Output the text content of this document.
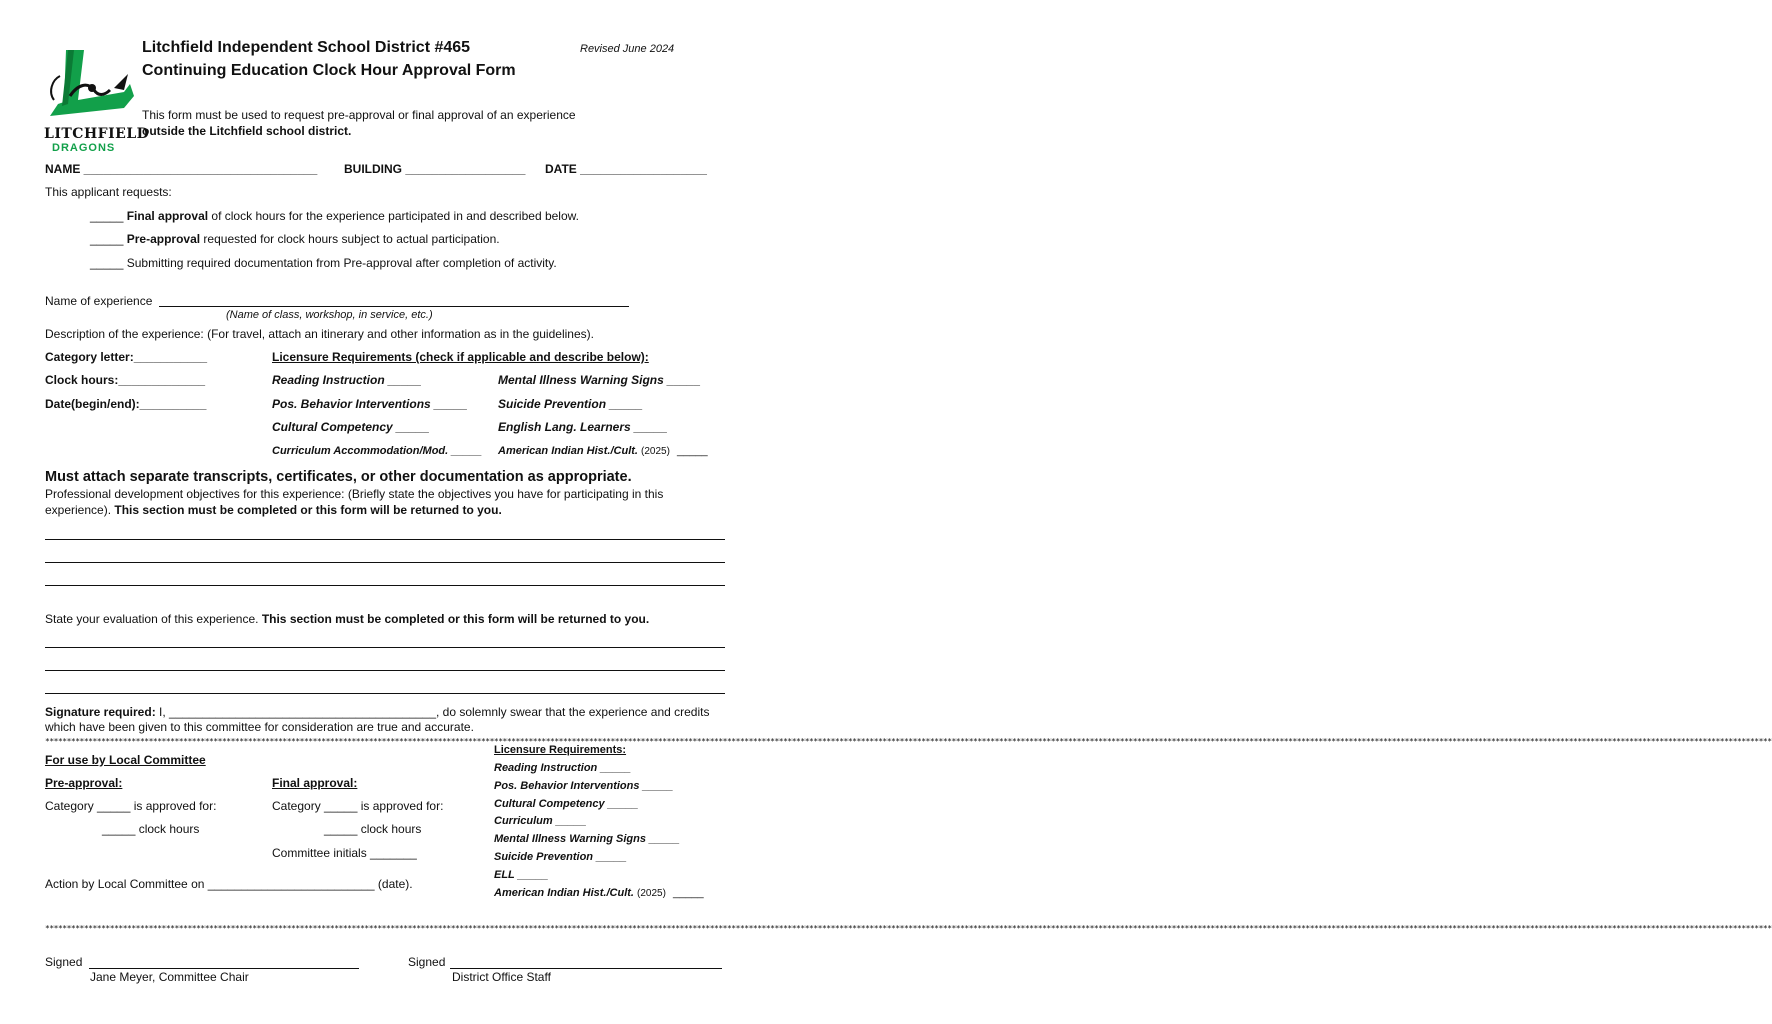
LITCHFIELD
DRAGONS
Litchfield Independent School District #465
Continuing Education Clock Hour Approval Form
Revised June 2024
This form must be used to request pre-approval or final approval of an experience
outside the Litchfield school district.
NAME ___________________________________ BUILDING __________________ DATE ___________________
This applicant requests:
_____ Final approval of clock hours for the experience participated in and described below.
_____ Pre-approval requested for clock hours subject to actual participation.
_____ Submitting required documentation from Pre-approval after completion of activity.
Name of experience
(Name of class, workshop, in service, etc.)
Description of the experience: (For travel, attach an itinerary and other information as in the guidelines).
Category letter:___________
Clock hours:_____________
Date(begin/end):__________
Licensure Requirements (check if applicable and describe below):
Reading Instruction _____	Mental Illness Warning Signs _____
Pos. Behavior Interventions _____	Suicide Prevention _____
Cultural Competency _____	English Lang. Learners _____
Curriculum Accommodation/Mod. _____ American Indian Hist./Cult. (2025) _____
Must attach separate transcripts, certificates, or other documentation as appropriate.
Professional development objectives for this experience: (Briefly state the objectives you have for participating in this
experience). This section must be completed or this form will be returned to you.
State your evaluation of this experience. This section must be completed or this form will be returned to you.
Signature required: I, ________________________________________, do solemnly swear that the experience and credits
which have been given to this committee for consideration are true and accurate.
****************************************************************************************************************************************************************************************************************************************************************************************************************************************************************************************************************
For use by Local Committee
Pre-approval:	Final approval:
Category _____ is approved for:	Category _____ is approved for:
_____ clock hours	_____ clock hours
Committee initials _______
Action by Local Committee on _________________________ (date).
Licensure Requirements:
Reading Instruction _____
Pos. Behavior Interventions _____
Cultural Competency _____
Curriculum _____
Mental Illness Warning Signs _____
Suicide Prevention _____
ELL _____
American Indian Hist./Cult. (2025) _____
****************************************************************************************************************************************************************************************************************************************************************************************************************************************************************************************************************
Signed
Jane Meyer, Committee Chair
Signed
District Office Staff
